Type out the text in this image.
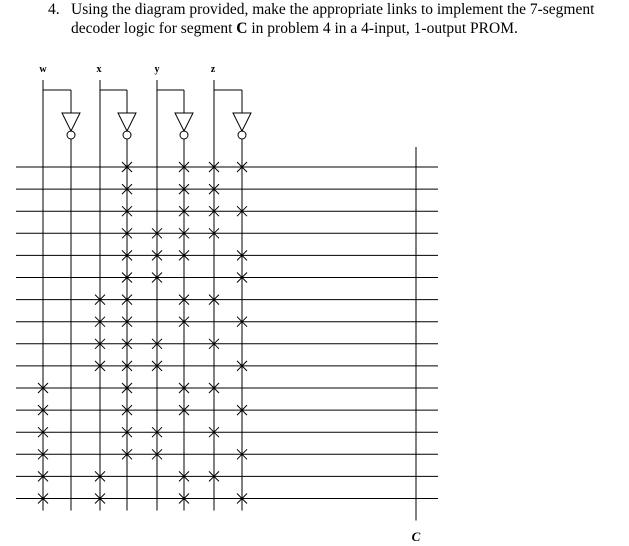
4. Using the diagram provided, make the appropriate links to implement the 7-segment
decoder logic for segment C in problem 4 in a 4-input, 1-output PROM.
w	x	y	z
C
